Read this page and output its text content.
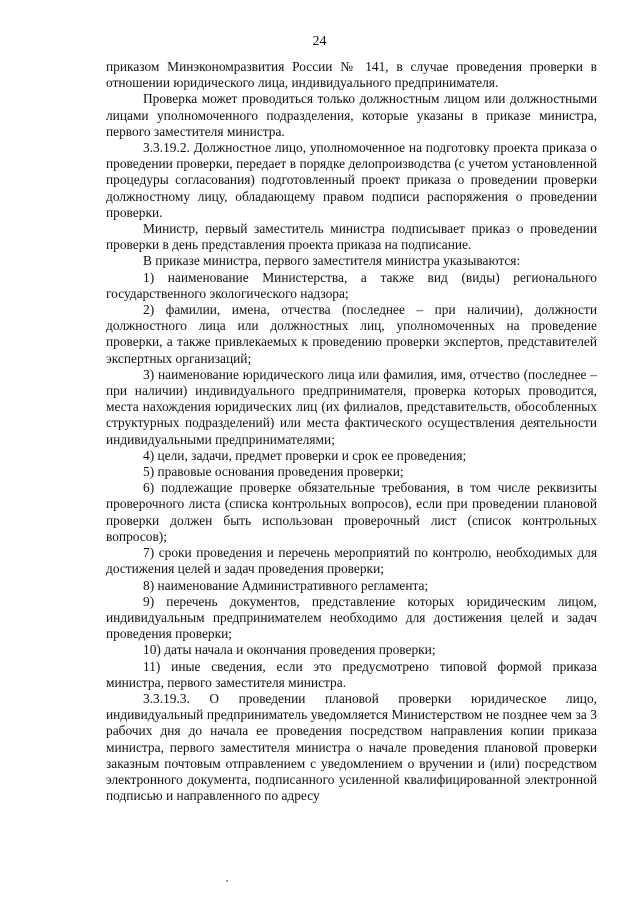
24

приказом Минэкономразвития России № 141, в случае проведения проверки в отношении юридического лица, индивидуального предпринимателя.

Проверка может проводиться только должностным лицом или должностными лицами уполномоченного подразделения, которые указаны в приказе министра, первого заместителя министра.

3.3.19.2. Должностное лицо, уполномоченное на подготовку проекта приказа о проведении проверки, передает в порядке делопроизводства (с учетом установленной процедуры согласования) подготовленный проект приказа о проведении проверки должностному лицу, обладающему правом подписи распоряжения о проведении проверки.

Министр, первый заместитель министра подписывает приказ о проведении проверки в день представления проекта приказа на подписание.

В приказе министра, первого заместителя министра указываются:

1) наименование Министерства, а также вид (виды) регионального государственного экологического надзора;

2) фамилии, имена, отчества (последнее – при наличии), должности должностного лица или должностных лиц, уполномоченных на проведение проверки, а также привлекаемых к проведению проверки экспертов, представителей экспертных организаций;

3) наименование юридического лица или фамилия, имя, отчество (последнее – при наличии) индивидуального предпринимателя, проверка которых проводится, места нахождения юридических лиц (их филиалов, представительств, обособленных структурных подразделений) или места фактического осуществления деятельности индивидуальными предпринимателями;

4) цели, задачи, предмет проверки и срок ее проведения;

5) правовые основания проведения проверки;

6) подлежащие проверке обязательные требования, в том числе реквизиты проверочного листа (списка контрольных вопросов), если при проведении плановой проверки должен быть использован проверочный лист (список контрольных вопросов);

7) сроки проведения и перечень мероприятий по контролю, необходимых для достижения целей и задач проведения проверки;

8) наименование Административного регламента;

9) перечень документов, представление которых юридическим лицом, индивидуальным предпринимателем необходимо для достижения целей и задач проведения проверки;

10) даты начала и окончания проведения проверки;

11) иные сведения, если это предусмотрено типовой формой приказа министра, первого заместителя министра.

3.3.19.3. О проведении плановой проверки юридическое лицо, индивидуальный предприниматель уведомляется Министерством не позднее чем за 3 рабочих дня до начала ее проведения посредством направления копии приказа министра, первого заместителя министра о начале проведения плановой проверки заказным почтовым отправлением с уведомлением о вручении и (или) посредством электронного документа, подписанного усиленной квалифицированной электронной подписью и направленного по адресу
